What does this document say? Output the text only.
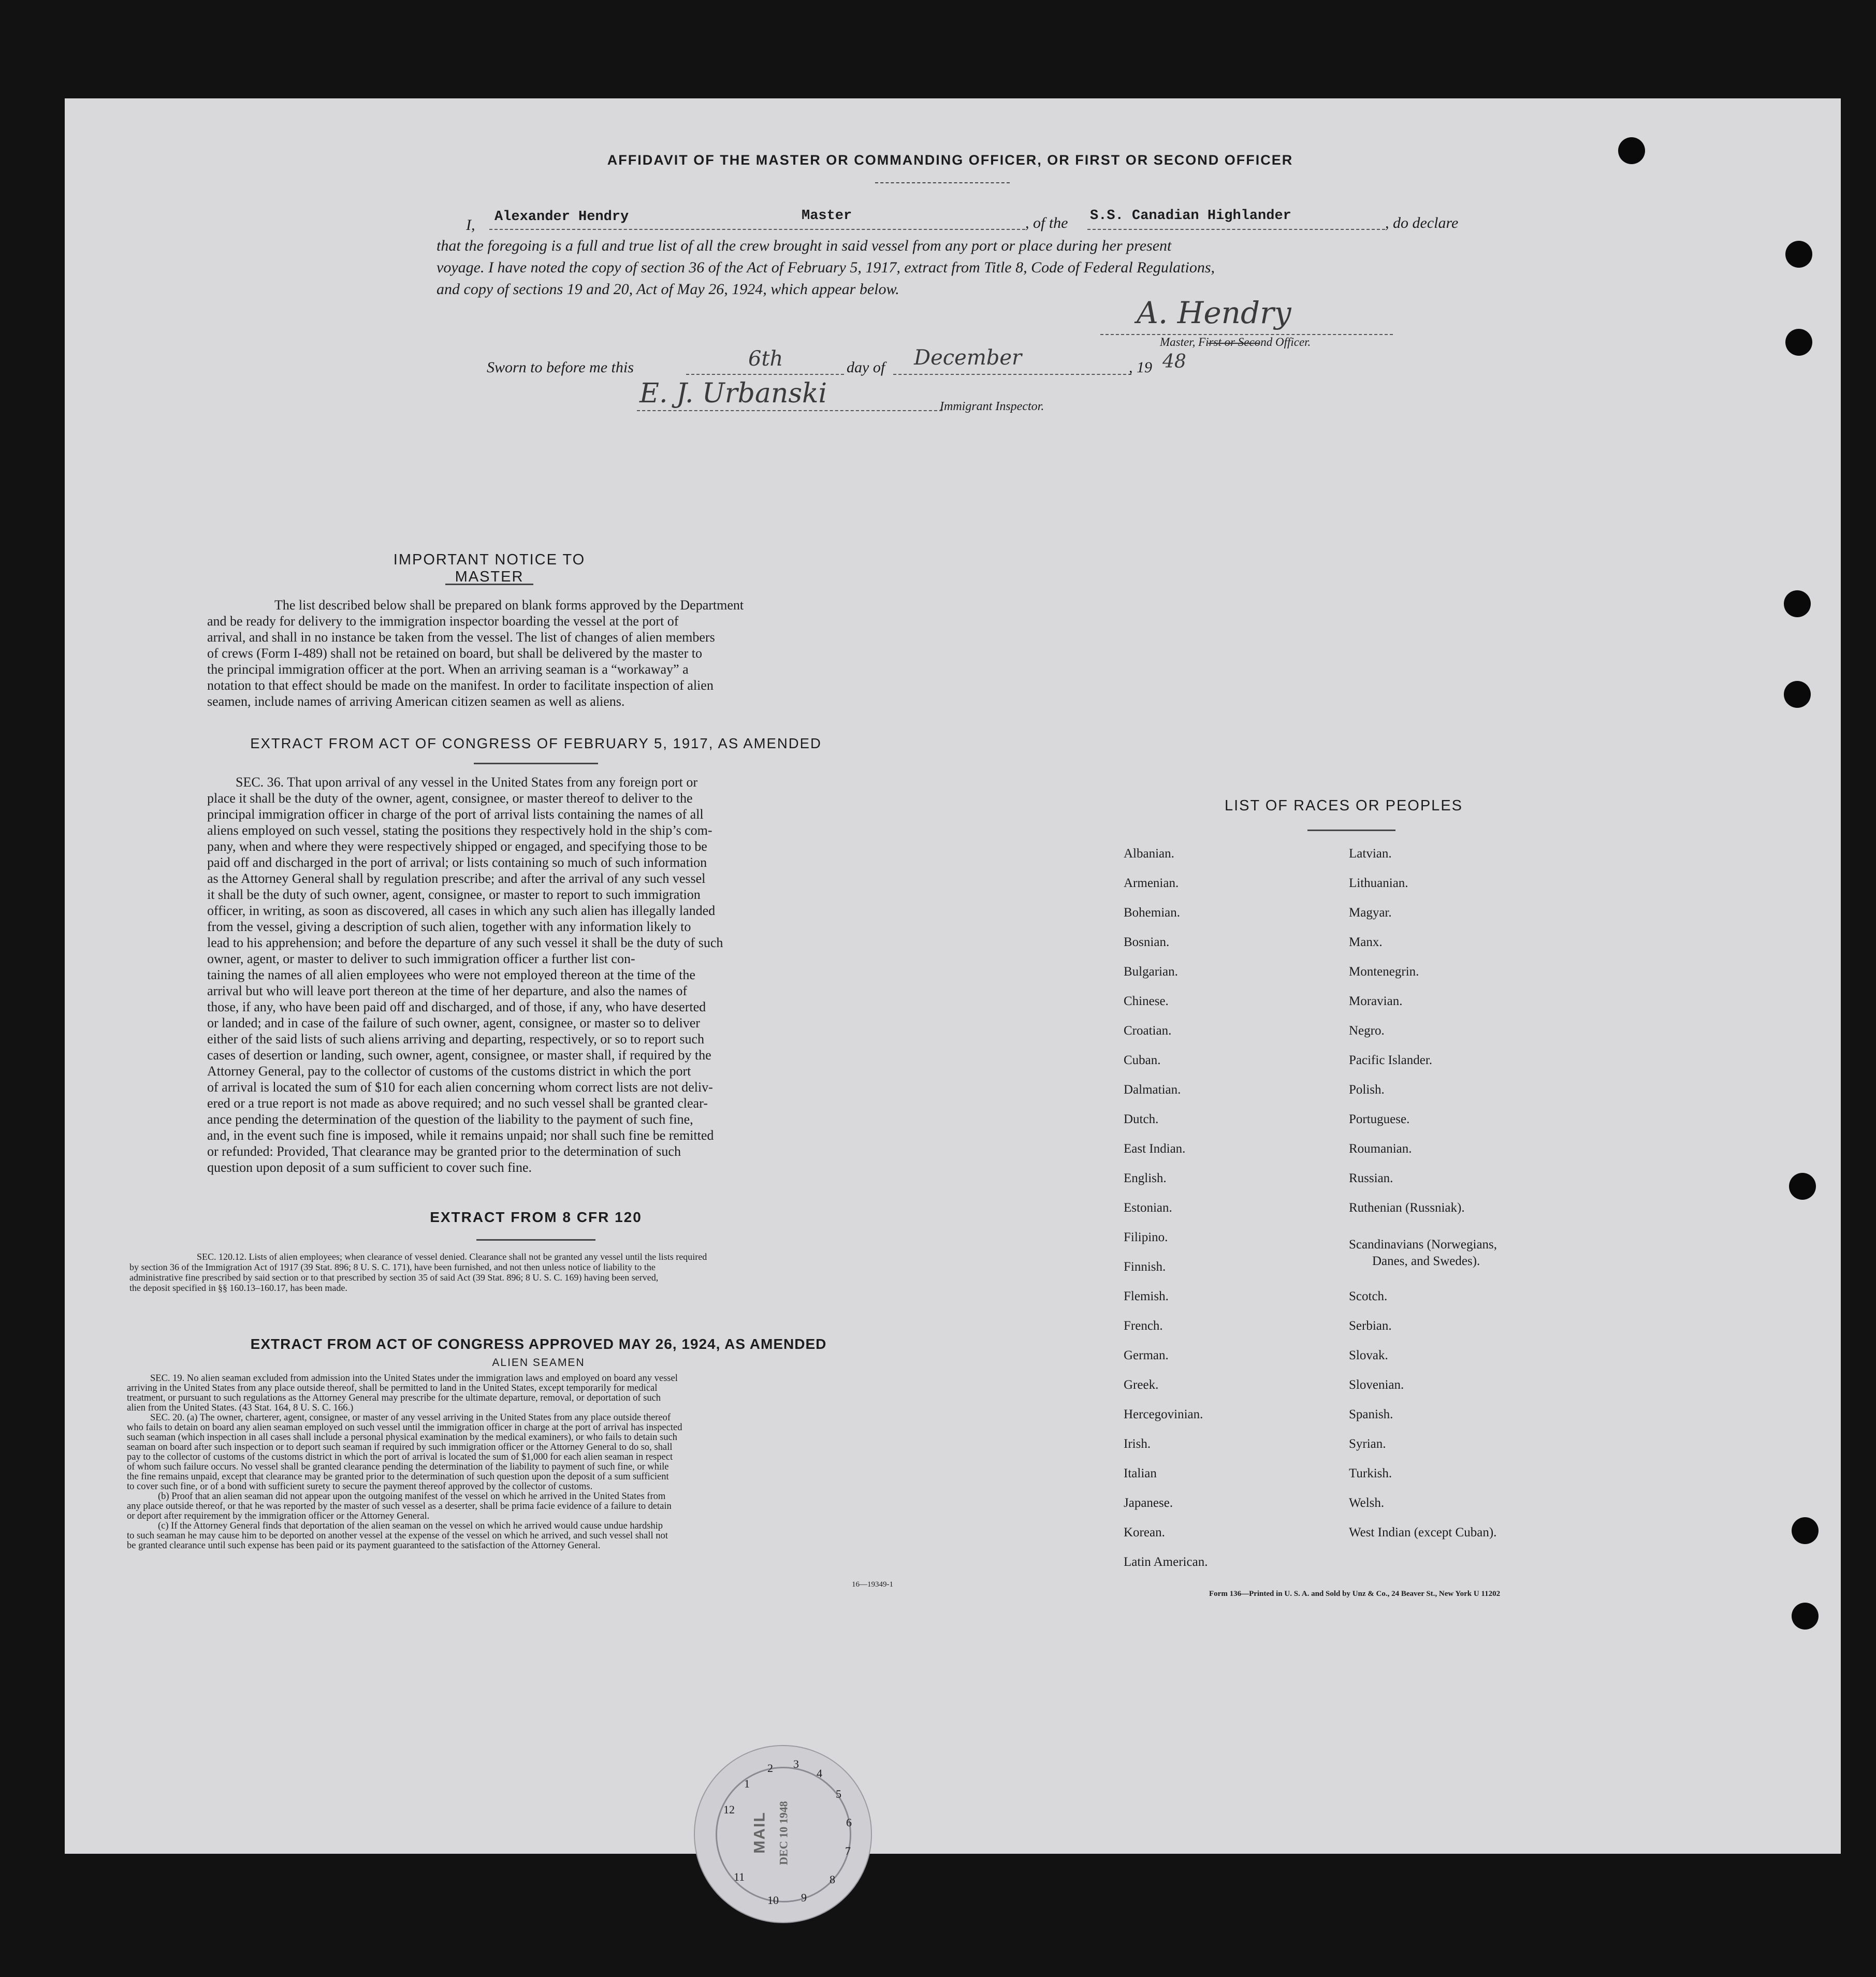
AFFIDAVIT OF THE MASTER OR COMMANDING OFFICER, OR FIRST OR SECOND OFFICER
I, Alexander Hendry	Master	, of the S.S. Canadian Highlander	, do declare
that the foregoing is a full and true list of all the crew brought in said vessel from any port or place during her present
voyage. I have noted the copy of section 36 of the Act of February 5, 1917, extract from Title 8, Code of Federal Regulations,
and copy of sections 19 and 20, Act of May 26, 1924, which appear below.
A. Hendry
Master, First or Second Officer.
Sworn to before me this	6th	day of December	, 19 48
E. J. Urbanski	Immigrant Inspector.
IMPORTANT NOTICE TO MASTER
The list described below shall be prepared on blank forms approved by the Department
and be ready for delivery to the immigration inspector boarding the vessel at the port of
arrival, and shall in no instance be taken from the vessel. The list of changes of alien members
of crews (Form I-489) shall not be retained on board, but shall be delivered by the master to
the principal immigration officer at the port. When an arriving seaman is a “workaway” a
notation to that effect should be made on the manifest. In order to facilitate inspection of alien
seamen, include names of arriving American citizen seamen as well as aliens.
EXTRACT FROM ACT OF CONGRESS OF FEBRUARY 5, 1917, AS AMENDED
SEC. 36. That upon arrival of any vessel in the United States from any foreign port or
place it shall be the duty of the owner, agent, consignee, or master thereof to deliver to the
principal immigration officer in charge of the port of arrival lists containing the names of all
aliens employed on such vessel, stating the positions they respectively hold in the ship’s com-
pany, when and where they were respectively shipped or engaged, and specifying those to be
paid off and discharged in the port of arrival; or lists containing so much of such information
as the Attorney General shall by regulation prescribe; and after the arrival of any such vessel
it shall be the duty of such owner, agent, consignee, or master to report to such immigration
officer, in writing, as soon as discovered, all cases in which any such alien has illegally landed
from the vessel, giving a description of such alien, together with any information likely to
lead to his apprehension; and before the departure of any such vessel it shall be the duty of such
owner, agent, or master to deliver to such immigration officer a further list con-
taining the names of all alien employees who were not employed thereon at the time of the
arrival but who will leave port thereon at the time of her departure, and also the names of
those, if any, who have been paid off and discharged, and of those, if any, who have deserted
or landed; and in case of the failure of such owner, agent, consignee, or master so to deliver
either of the said lists of such aliens arriving and departing, respectively, or so to report such
cases of desertion or landing, such owner, agent, consignee, or master shall, if required by the
Attorney General, pay to the collector of customs of the customs district in which the port
of arrival is located the sum of $10 for each alien concerning whom correct lists are not deliv-
ered or a true report is not made as above required; and no such vessel shall be granted clear-
ance pending the determination of the question of the liability to the payment of such fine,
and, in the event such fine is imposed, while it remains unpaid; nor shall such fine be remitted
or refunded: Provided, That clearance may be granted prior to the determination of such
question upon deposit of a sum sufficient to cover such fine.
EXTRACT FROM 8 CFR 120
SEC. 120.12. Lists of alien employees; when clearance of vessel denied. Clearance shall not be granted any vessel until the lists required
by section 36 of the Immigration Act of 1917 (39 Stat. 896; 8 U. S. C. 171), have been furnished, and not then unless notice of liability to the
administrative fine prescribed by said section or to that prescribed by section 35 of said Act (39 Stat. 896; 8 U. S. C. 169) having been served,
the deposit specified in §§ 160.13–160.17, has been made.
EXTRACT FROM ACT OF CONGRESS APPROVED MAY 26, 1924, AS AMENDED
ALIEN SEAMEN
SEC. 19. No alien seaman excluded from admission into the United States under the immigration laws and employed on board any vessel
arriving in the United States from any place outside thereof, shall be permitted to land in the United States, except temporarily for medical
treatment, or pursuant to such regulations as the Attorney General may prescribe for the ultimate departure, removal, or deportation of such
alien from the United States. (43 Stat. 164, 8 U. S. C. 166.)
SEC. 20. (a) The owner, charterer, agent, consignee, or master of any vessel arriving in the United States from any place outside thereof
who fails to detain on board any alien seaman employed on such vessel until the immigration officer in charge at the port of arrival has inspected
such seaman (which inspection in all cases shall include a personal physical examination by the medical examiners), or who fails to detain such
seaman on board after such inspection or to deport such seaman if required by such immigration officer or the Attorney General to do so, shall
pay to the collector of customs of the customs district in which the port of arrival is located the sum of $1,000 for each alien seaman in respect
of whom such failure occurs. No vessel shall be granted clearance pending the determination of the liability to payment of such fine, or while
the fine remains unpaid, except that clearance may be granted prior to the determination of such question upon the deposit of a sum sufficient
to cover such fine, or of a bond with sufficient surety to secure the payment thereof approved by the collector of customs.
(b) Proof that an alien seaman did not appear upon the outgoing manifest of the vessel on which he arrived in the United States from
any place outside thereof, or that he was reported by the master of such vessel as a deserter, shall be prima facie evidence of a failure to detain
or deport after requirement by the immigration officer or the Attorney General.
(c) If the Attorney General finds that deportation of the alien seaman on the vessel on which he arrived would cause undue hardship
to such seaman he may cause him to be deported on another vessel at the expense of the vessel on which he arrived, and such vessel shall not
be granted clearance until such expense has been paid or its payment guaranteed to the satisfaction of the Attorney General.
16—19349-1
LIST OF RACES OR PEOPLES
Albanian.
Armenian.
Bohemian.
Bosnian.
Bulgarian.
Chinese.
Croatian.
Cuban.
Dalmatian.
Dutch.
East Indian.
English.
Estonian.
Filipino.
Finnish.
Flemish.
French.
German.
Greek.
Hercegovinian.
Irish.
Italian
Japanese.
Korean.
Latin American.
Latvian.
Lithuanian.
Magyar.
Manx.
Montenegrin.
Moravian.
Negro.
Pacific Islander.
Polish.
Portuguese.
Roumanian.
Russian.
Ruthenian (Russniak).
Scandinavians (Norwegians,
Danes, and Swedes).
Scotch.
Serbian.
Slovak.
Slovenian.
Spanish.
Syrian.
Turkish.
Welsh.
West Indian (except Cuban).
Form 136—Printed in U. S. A. and Sold by Unz & Co., 24 Beaver St., New York U 11202
12
1
2 3
4
5
6
7
8
9
10
11
MAIL DEC 10 1948
